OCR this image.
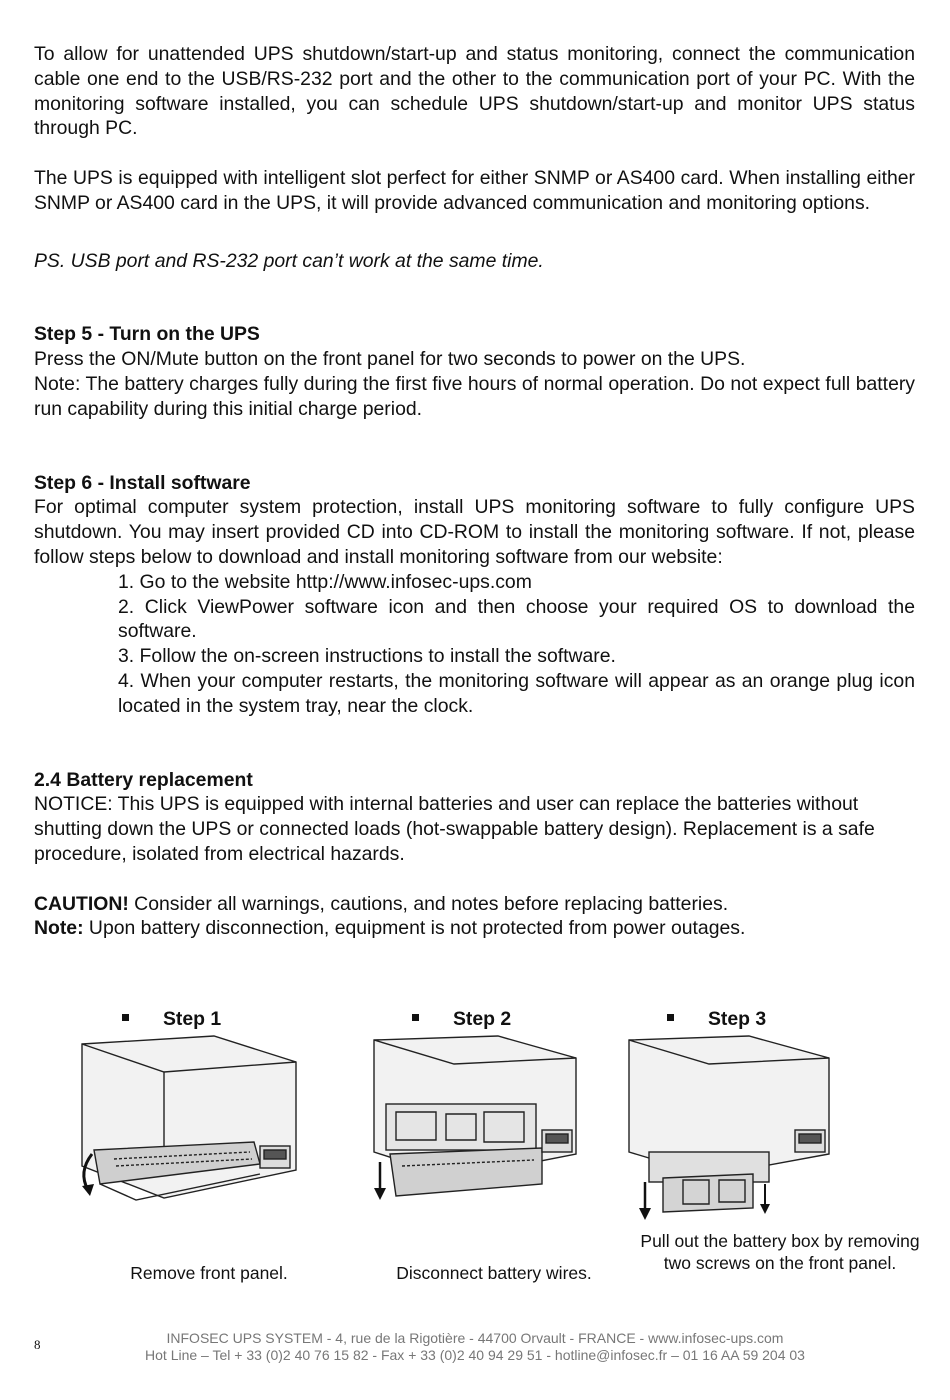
To allow for unattended UPS shutdown/start-up and status monitoring, connect the communication cable one end to the USB/RS-232 port and the other to the communication port of your PC. With the monitoring software installed, you can schedule UPS shutdown/start-up and monitor UPS status through PC.

The UPS is equipped with intelligent slot perfect for either SNMP or AS400 card. When installing either SNMP or AS400 card in the UPS, it will provide advanced communication and monitoring options.

PS. USB port and RS-232 port can’t work at the same time.

Step 5 - Turn on the UPS

Press the ON/Mute button on the front panel for two seconds to power on the UPS.

Note: The battery charges fully during the first five hours of normal operation. Do not expect full battery run capability during this initial charge period.

Step 6 - Install software

For optimal computer system protection, install UPS monitoring software to fully configure UPS shutdown. You may insert provided CD into CD-ROM to install the monitoring software. If not, please follow steps below to download and install monitoring software from our website:

1. Go to the website http://www.infosec-ups.com
2. Click ViewPower software icon and then choose your required OS to download the software.
3. Follow the on-screen instructions to install the software.
4. When your computer restarts, the monitoring software will appear as an orange plug icon located in the system tray, near the clock.
2.4 Battery replacement

NOTICE: This UPS is equipped with internal batteries and user can replace the batteries without shutting down the UPS or connected loads (hot-swappable battery design). Replacement is a safe procedure, isolated from electrical hazards.

CAUTION! Consider all warnings, cautions, and notes before replacing batteries.

Note: Upon battery disconnection, equipment is not protected from power outages.

Step 1
Remove front panel.
Step 2
Disconnect battery wires.
Step 3
Pull out the battery box by removing two screws on the front panel.
8	INFOSEC UPS SYSTEM - 4, rue de la Rigotière - 44700 Orvault - FRANCE - www.infosec-ups.com
Hot Line – Tel + 33 (0)2 40 76 15 82 - Fax + 33 (0)2 40 94 29 51 - hotline@infosec.fr – 01 16 AA 59 204 03
